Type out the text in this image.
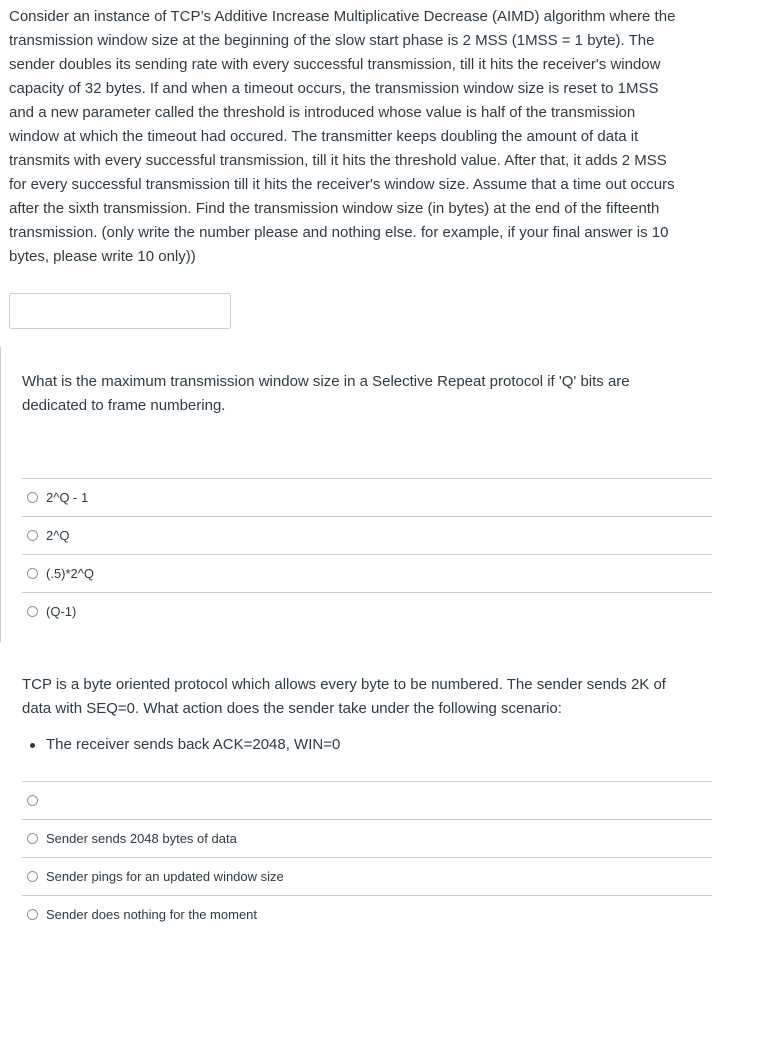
Consider an instance of TCP’s Additive Increase Multiplicative Decrease (AIMD) algorithm where the
transmission window size at the beginning of the slow start phase is 2 MSS (1MSS = 1 byte). The
sender doubles its sending rate with every successful transmission, till it hits the receiver's window
capacity of 32 bytes. If and when a timeout occurs, the transmission window size is reset to 1MSS
and a new parameter called the threshold is introduced whose value is half of the transmission
window at which the timeout had occured. The transmitter keeps doubling the amount of data it
transmits with every successful transmission, till it hits the threshold value. After that, it adds 2 MSS
for every successful transmission till it hits the receiver's window size. Assume that a time out occurs
after the sixth transmission. Find the transmission window size (in bytes) at the end of the fifteenth
transmission. (only write the number please and nothing else. for example, if your final answer is 10
bytes, please write 10 only))
What is the maximum transmission window size in a Selective Repeat protocol if 'Q' bits are
dedicated to frame numbering.
2^Q - 1
2^Q
(.5)*2^Q
(Q-1)
TCP is a byte oriented protocol which allows every byte to be numbered. The sender sends 2K of
data with SEQ=0. What action does the sender take under the following scenario:
The receiver sends back ACK=2048, WIN=0
Sender sends 2048 bytes of data
Sender pings for an updated window size
Sender does nothing for the moment
